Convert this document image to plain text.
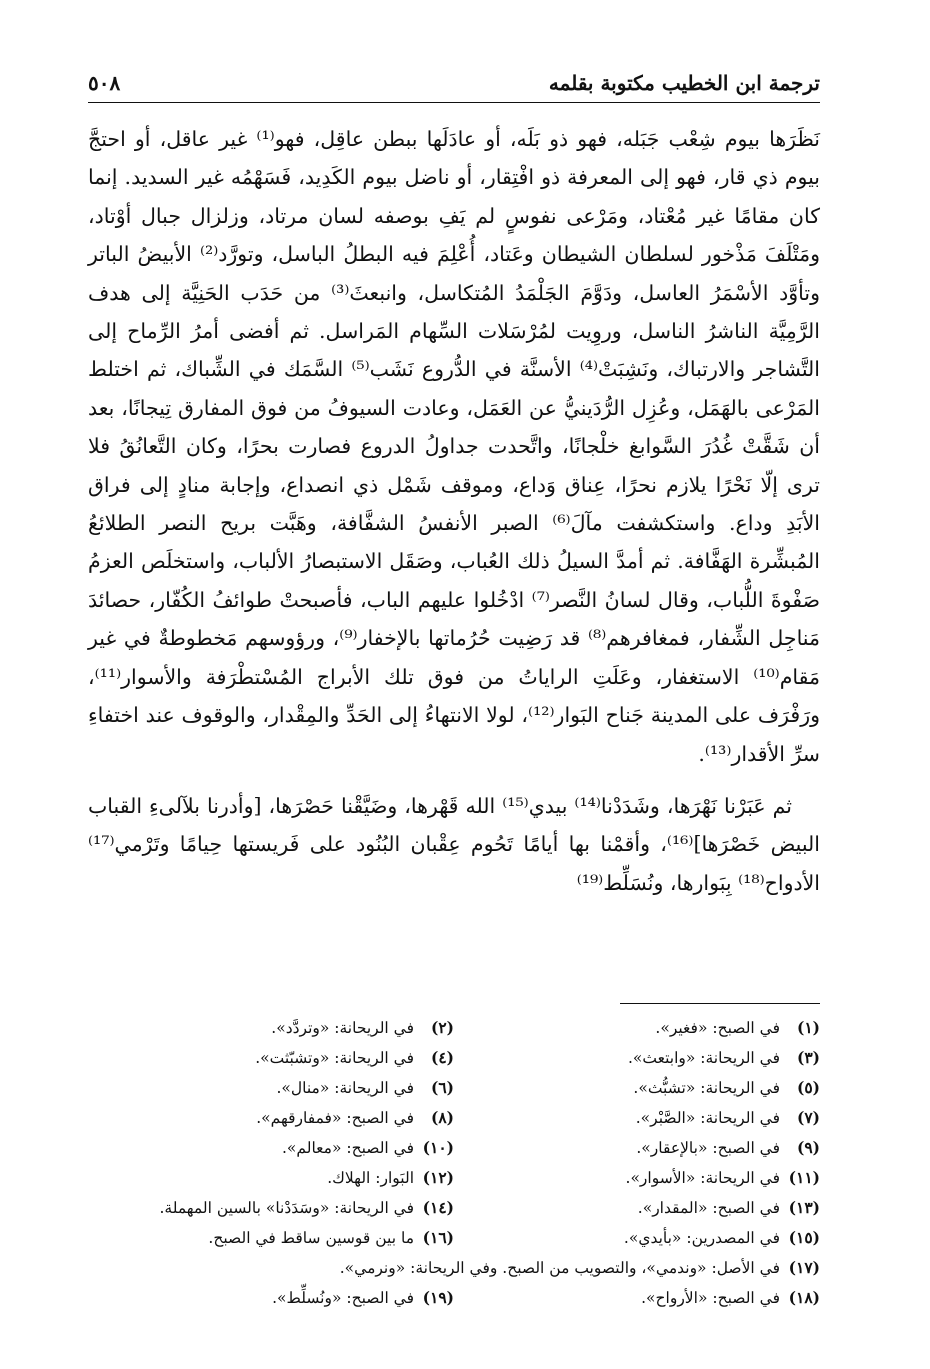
ترجمة ابن الخطيب مكتوبة بقلمه
٥٠٨

نَظَرَها بيوم شِعْب جَبَله، فهو ذو بَلَه، أو عادَلَها ببطن عاقِل، فهو⁽¹⁾ غير عاقل، أو احتجَّ بيوم ذي قار، فهو إلى المعرفة ذو افْتِقار، أو ناضل بيوم الكَدِيد، فَسَهْمُه غير السديد. إنما كان مقامًا غير مُعْتاد، ومَرْعى نفوسٍ لم يَفِ بوصفه لسان مرتاد، وزلزال جبال أوْتاد، ومَتْلَفَ مَذْخور لسلطان الشيطان وعَتاد، أُعْلِمَ فيه البطلُ الباسل، وتورَّد⁽²⁾ الأبيضُ الباتر وتأوَّد الأسْمَرُ العاسل، ودَوَّمَ الجَلْمَدُ المُتكاسل، وانبعثَ⁽³⁾ من حَدَب الحَنِيَّة إلى هدف الرَّمِيَّة الناشرُ الناسل، وروِيت لمُرْسَلات السِّهام المَراسل. ثم أفضى أمرُ الرِّماح إلى التَّشاجر والارتباك، ونَشِبَتْ⁽⁴⁾ الأسنَّة في الدُّروع نَشَب⁽⁵⁾ السَّمَك في الشِّباك، ثم اختلط المَرْعى بالهَمَل، وعُزِل الرُّدَينيُّ عن العَمَل، وعادت السيوفُ من فوق المفارق تِيجانًا، بعد أن شَقَّتْ غُدُرَ السَّوابغ خلْجانًا، واتَّحدت جداولُ الدروع فصارت بحرًا، وكان التَّعانُقُ فلا ترى إلّا نَحْرًا يلازم نحرًا، عِناق وَداع، وموقف شَمْل ذي انصداع، وإجابة منادٍ إلى فراق الأبَدِ وداع. واستكشفت مآلَ⁽⁶⁾ الصبر الأنفسُ الشفَّافة، وهَبَّت بريح النصر الطلائعُ المُبشِّرة الهَفَّافة. ثم أمدَّ السيلُ ذلك العُباب، وصَقَل الاستبصارُ الألباب، واستخلَص العزمُ صَفْوةَ اللُّباب، وقال لسانُ النَّصر⁽⁷⁾ ادْخُلوا عليهم الباب، فأصبحتْ طوائفُ الكُفّار، حصائدَ مَناجِل الشِّفار، فمغافرهم⁽⁸⁾ قد رَضِيت حُرُماتها بالإخفار⁽⁹⁾، ورؤوسهم مَخطوطةٌ في غير مَقام⁽¹⁰⁾ الاستغفار، وعَلَتِ الراياتُ من فوق تلك الأبراج المُسْتطْرَفة والأسوار⁽¹¹⁾، ورَفْرَف على المدينة جَناح البَوار⁽¹²⁾، لولا الانتهاءُ إلى الحَدِّ والمِقْدار، والوقوف عند اختفاءِ سرِّ الأقدار⁽¹³⁾.

ثم عَبَرْنا نَهْرَها، وشَدَدْنا⁽¹⁴⁾ بيدي⁽¹⁵⁾ الله قَهْرها، وضَيَّقْنا حَصْرَها، [وأدرنا بلآلىءِ القباب البيض خَصْرَها]⁽¹⁶⁾، وأقمْنا بها أيامًا تَحُوم عِقْبان البُنُود على فَريستها حِيامًا وتَرْمي⁽¹⁷⁾ الأدواح⁽¹⁸⁾ بِبَوارها، ونُسَلِّط⁽¹⁹⁾

(١)في الصبح: «فغير».
(٢)في الريحانة: «وتردَّد».
(٣)في الريحانة: «وابتعث».
(٤)في الريحانة: «وتشبّثت».
(٥)في الريحانة: «تشبُّث».
(٦)في الريحانة: «منال».
(٧)في الريحانة: «الصَّبْر».
(٨)في الصبح: «فمفارقهم».
(٩)في الصبح: «بالإعقار».
(١٠)في الصبح: «معالم».
(١١)في الريحانة: «الأسوار».
(١٢)البَوار: الهلاك.
(١٣)في الصبح: «المقدار».
(١٤)في الريحانة: «وسَدَدْنا» بالسين المهملة.
(١٥)في المصدرين: «بأيدي».
(١٦)ما بين قوسين ساقط في الصبح.
(١٧)في الأصل: «وندمي»، والتصويب من الصبح. وفي الريحانة: «ونرمي».
(١٨)في الصبح: «الأرواح».
(١٩)في الصبح: «ونُسلِّط».
